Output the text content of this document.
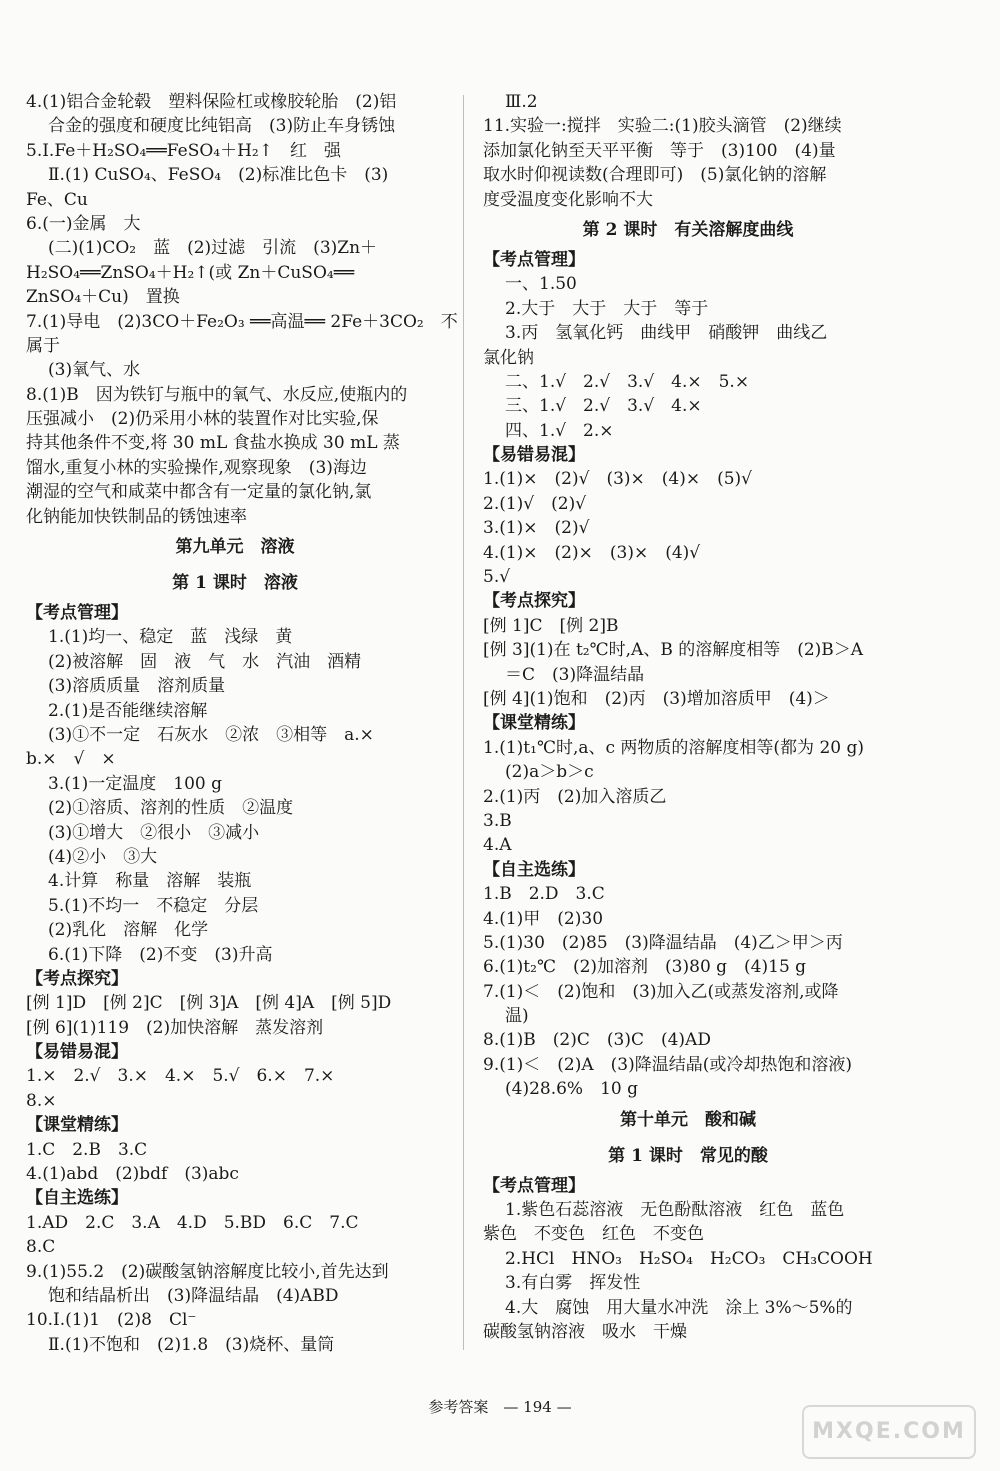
4.(1)铝合金轮毂　塑料保险杠或橡胶轮胎　(2)铝
合金的强度和硬度比纯铝高　(3)防止车身锈蚀
5.Ⅰ.Fe＋H₂SO₄══FeSO₄＋H₂↑　红　强
Ⅱ.(1) CuSO₄、FeSO₄　(2)标准比色卡　(3)
Fe、Cu
6.(一)金属　大
(二)(1)CO₂　蓝　(2)过滤　引流　(3)Zn＋
H₂SO₄══ZnSO₄＋H₂↑(或 Zn＋CuSO₄══
ZnSO₄＋Cu)　置换
7.(1)导电　(2)3CO＋Fe₂O₃ ══高温══ 2Fe＋3CO₂　不
属于
(3)氧气、水
8.(1)B　因为铁钉与瓶中的氧气、水反应,使瓶内的
压强减小　(2)仍采用小林的装置作对比实验,保
持其他条件不变,将 30 mL 食盐水换成 30 mL 蒸
馏水,重复小林的实验操作,观察现象　(3)海边
潮湿的空气和咸菜中都含有一定量的氯化钠,氯
化钠能加快铁制品的锈蚀速率
第九单元　溶液
第 1 课时　溶液
【考点管理】
1.(1)均一、稳定　蓝　浅绿　黄
(2)被溶解　固　液　气　水　汽油　酒精
(3)溶质质量　溶剂质量
2.(1)是否能继续溶解
(3)①不一定　石灰水　②浓　③相等　a.×
b.×　√　×
3.(1)一定温度　100 g
(2)①溶质、溶剂的性质　②温度
(3)①增大　②很小　③减小
(4)②小　③大
4.计算　称量　溶解　装瓶
5.(1)不均一　不稳定　分层
(2)乳化　溶解　化学
6.(1)下降　(2)不变　(3)升高
【考点探究】
[例 1]D　[例 2]C　[例 3]A　[例 4]A　[例 5]D
[例 6](1)119　(2)加快溶解　蒸发溶剂
【易错易混】
1.×　2.√　3.×　4.×　5.√　6.×　7.×
8.×
【课堂精练】
1.C　2.B　3.C
4.(1)abd　(2)bdf　(3)abc
【自主选练】
1.AD　2.C　3.A　4.D　5.BD　6.C　7.C
8.C
9.(1)55.2　(2)碳酸氢钠溶解度比较小,首先达到
饱和结晶析出　(3)降温结晶　(4)ABD
10.Ⅰ.(1)1　(2)8　Cl⁻
Ⅱ.(1)不饱和　(2)1.8　(3)烧杯、量筒
Ⅲ.2
11.实验一:搅拌　实验二:(1)胶头滴管　(2)继续
添加氯化钠至天平平衡　等于　(3)100　(4)量
取水时仰视读数(合理即可)　(5)氯化钠的溶解
度受温度变化影响不大
第 2 课时　有关溶解度曲线
【考点管理】
一、1.50
2.大于　大于　大于　等于
3.丙　氢氧化钙　曲线甲　硝酸钾　曲线乙
氯化钠
二、1.√　2.√　3.√　4.×　5.×
三、1.√　2.√　3.√　4.×
四、1.√　2.×
【易错易混】
1.(1)×　(2)√　(3)×　(4)×　(5)√
2.(1)√　(2)√
3.(1)×　(2)√
4.(1)×　(2)×　(3)×　(4)√
5.√
【考点探究】
[例 1]C　[例 2]B
[例 3](1)在 t₂℃时,A、B 的溶解度相等　(2)B＞A
＝C　(3)降温结晶
[例 4](1)饱和　(2)丙　(3)增加溶质甲　(4)＞
【课堂精练】
1.(1)t₁℃时,a、c 两物质的溶解度相等(都为 20 g)
(2)a＞b＞c
2.(1)丙　(2)加入溶质乙
3.B
4.A
【自主选练】
1.B　2.D　3.C
4.(1)甲　(2)30
5.(1)30　(2)85　(3)降温结晶　(4)乙＞甲＞丙
6.(1)t₂℃　(2)加溶剂　(3)80 g　(4)15 g
7.(1)＜　(2)饱和　(3)加入乙(或蒸发溶剂,或降
温)
8.(1)B　(2)C　(3)C　(4)AD
9.(1)＜　(2)A　(3)降温结晶(或冷却热饱和溶液)
(4)28.6%　10 g
第十单元　酸和碱
第 1 课时　常见的酸
【考点管理】
1.紫色石蕊溶液　无色酚酞溶液　红色　蓝色
紫色　不变色　红色　不变色
2.HCl　HNO₃　H₂SO₄　H₂CO₃　CH₃COOH
3.有白雾　挥发性
4.大　腐蚀　用大量水冲洗　涂上 3%～5%的
碳酸氢钠溶液　吸水　干燥
参考答案　— 194 —
MXQE.COM
